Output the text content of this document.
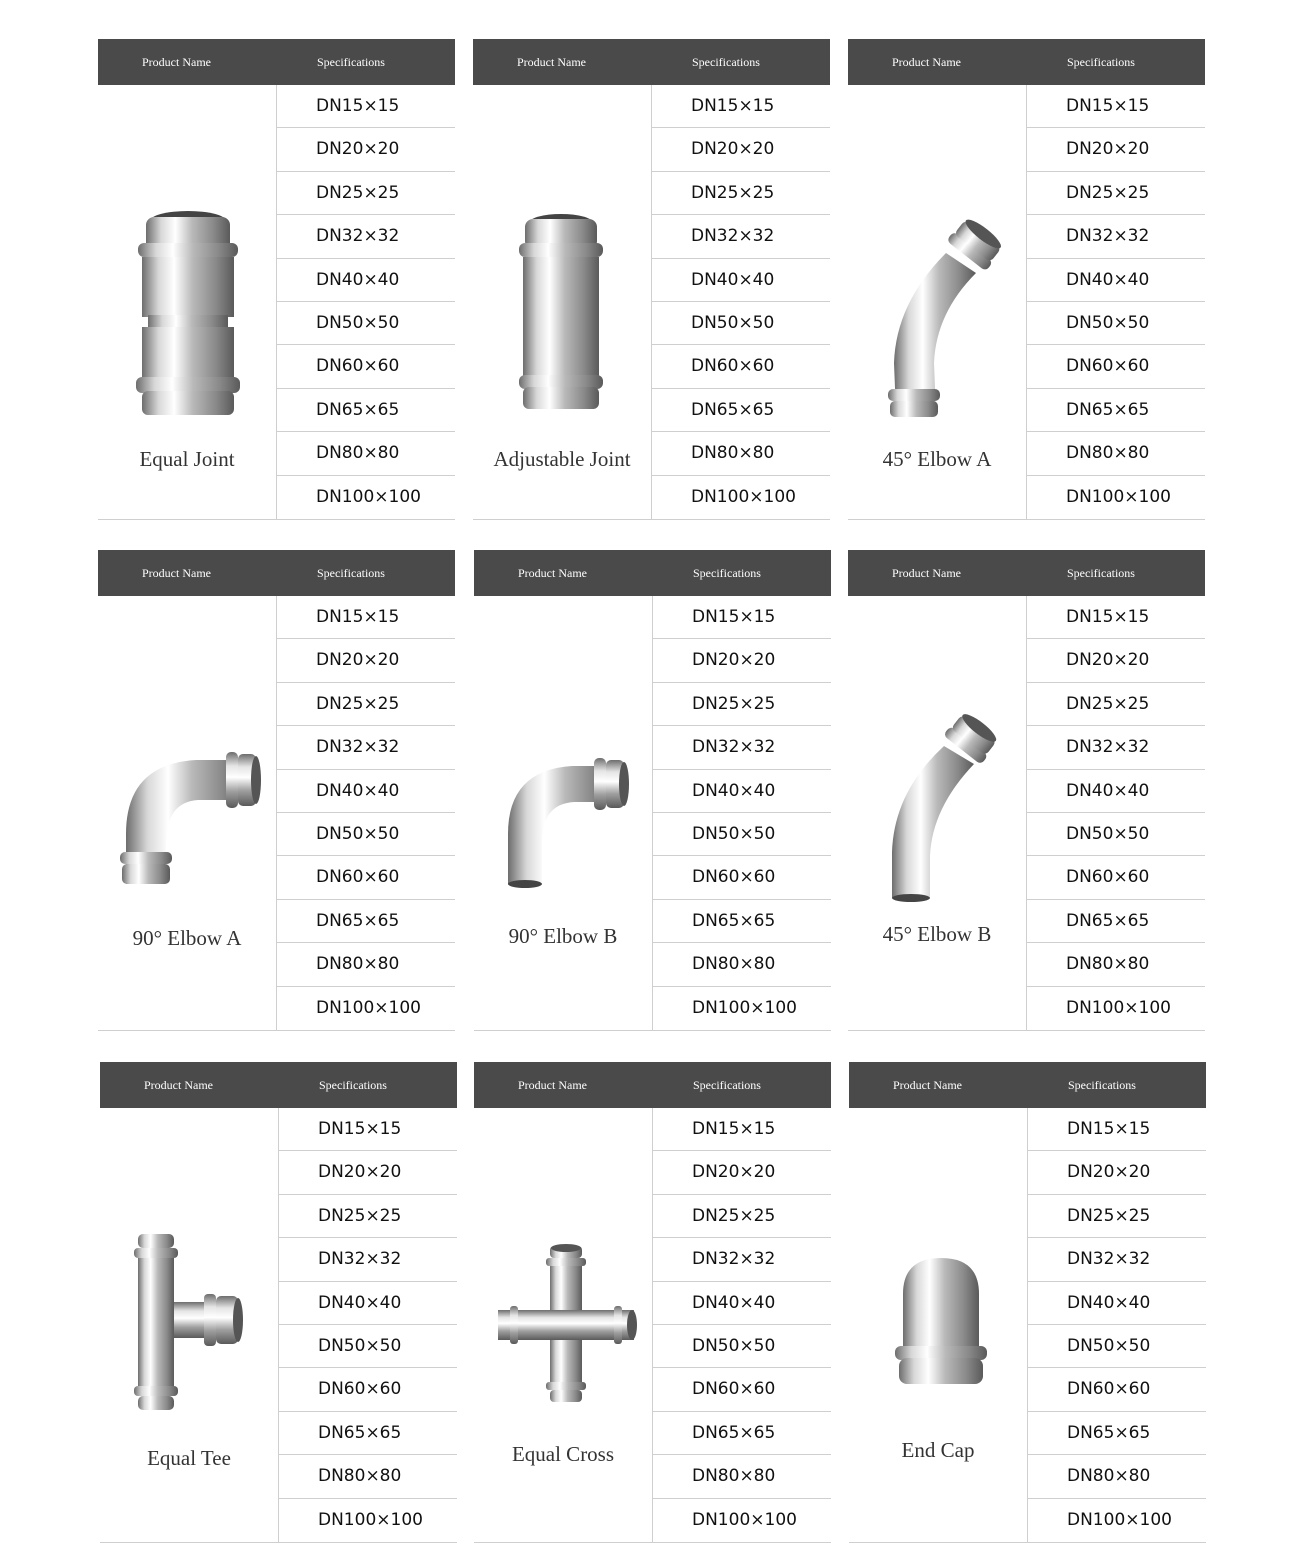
Product Name	Specifications
Equal Joint
DN15×15
DN20×20
DN25×25
DN32×32
DN40×40
DN50×50
DN60×60
DN65×65
DN80×80
DN100×100
Product Name	Specifications
Adjustable Joint
DN15×15
DN20×20
DN25×25
DN32×32
DN40×40
DN50×50
DN60×60
DN65×65
DN80×80
DN100×100
Product Name	Specifications
45° Elbow A
DN15×15
DN20×20
DN25×25
DN32×32
DN40×40
DN50×50
DN60×60
DN65×65
DN80×80
DN100×100
Product Name	Specifications
90° Elbow A
DN15×15
DN20×20
DN25×25
DN32×32
DN40×40
DN50×50
DN60×60
DN65×65
DN80×80
DN100×100
Product Name	Specifications
90° Elbow B
DN15×15
DN20×20
DN25×25
DN32×32
DN40×40
DN50×50
DN60×60
DN65×65
DN80×80
DN100×100
Product Name	Specifications
45° Elbow B
DN15×15
DN20×20
DN25×25
DN32×32
DN40×40
DN50×50
DN60×60
DN65×65
DN80×80
DN100×100
Product Name	Specifications
Equal Tee
DN15×15
DN20×20
DN25×25
DN32×32
DN40×40
DN50×50
DN60×60
DN65×65
DN80×80
DN100×100
Product Name	Specifications
Equal Cross
DN15×15
DN20×20
DN25×25
DN32×32
DN40×40
DN50×50
DN60×60
DN65×65
DN80×80
DN100×100
Product Name	Specifications
End Cap
DN15×15
DN20×20
DN25×25
DN32×32
DN40×40
DN50×50
DN60×60
DN65×65
DN80×80
DN100×100
